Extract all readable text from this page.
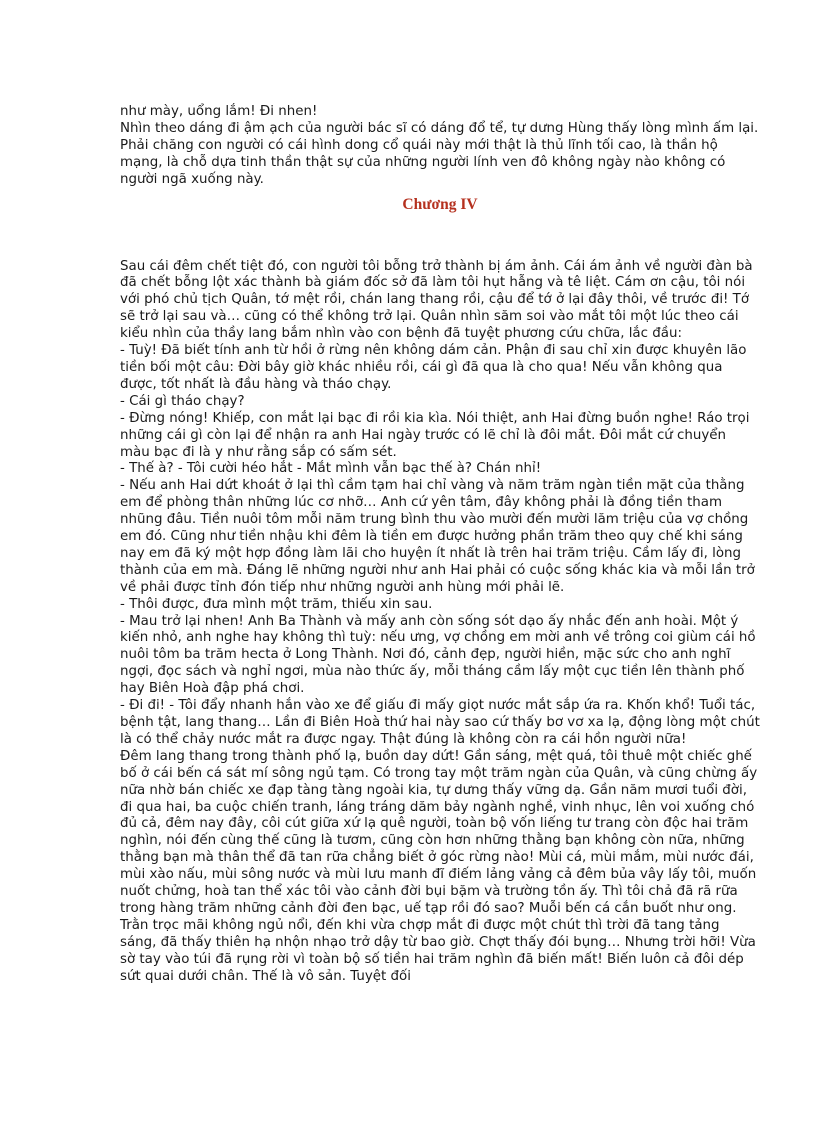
như mày, uổng lắm! Đi nhen!

Nhìn theo dáng đi ậm ạch của người bác sĩ có dáng đổ tể, tự dưng Hùng thấy lòng mình ấm lại. Phải chăng con người có cái hình dong cổ quái này mới thật là thủ lĩnh tối cao, là thần hộ mạng, là chỗ dựa tinh thần thật sự của những người lính ven đô không ngày nào không có người ngã xuống này.

Chương IV

Sau cái đêm chết tiệt đó, con người tôi bỗng trở thành bị ám ảnh. Cái ám ảnh về người đàn bà đã chết bỗng lột xác thành bà giám đốc sở đã làm tôi hụt hẫng và tê liệt. Cám ơn cậu, tôi nói với phó chủ tịch Quân, tớ mệt rồi, chán lang thang rồi, cậu để tớ ở lại đây thôi, về trước đi! Tớ sẽ trở lại sau và… cũng có thể không trở lại. Quân nhìn săm soi vào mắt tôi một lúc theo cái kiểu nhìn của thầy lang bắm nhìn vào con bệnh đã tuyệt phương cứu chữa, lắc đầu:

- Tuỳ! Đã biết tính anh từ hồi ở rừng nên không dám cản. Phận đi sau chỉ xin được khuyên lão tiền bối một câu: Đời bây giờ khác nhiều rồi, cái gì đã qua là cho qua! Nếu vẫn không qua được, tốt nhất là đầu hàng và tháo chạy.

- Cái gì tháo chạy?

- Đừng nóng! Khiếp, con mắt lại bạc đi rồi kia kìa. Nói thiệt, anh Hai đừng buồn nghe! Ráo trọi những cái gì còn lại để nhận ra anh Hai ngày trước có lẽ chỉ là đôi mắt. Đôi mắt cứ chuyển màu bạc đi là y như rằng sắp có sấm sét.

- Thế à? - Tôi cười héo hắt - Mắt mình vẫn bạc thế à? Chán nhỉ!

- Nếu anh Hai dứt khoát ở lại thì cầm tạm hai chỉ vàng và năm trăm ngàn tiền mặt của thằng em để phòng thân những lúc cơ nhỡ… Anh cứ yên tâm, đây không phải là đồng tiền tham nhũng đâu. Tiền nuôi tôm mỗi năm trung bình thu vào mười đến mười lăm triệu của vợ chồng em đó. Cũng như tiền nhậu khi đêm là tiền em được hưởng phần trăm theo quy chế khi sáng nay em đã ký một hợp đồng làm lãi cho huyện ít nhất là trên hai trăm triệu. Cầm lấy đi, lòng thành của em mà. Đáng lẽ những người như anh Hai phải có cuộc sống khác kia và mỗi lần trở về phải được tỉnh đón tiếp như những người anh hùng mới phải lẽ.

- Thôi được, đưa mình một trăm, thiếu xin sau.

- Mau trở lại nhen! Anh Ba Thành và mấy anh còn sống sót dạo ấy nhắc đến anh hoài. Một ý kiến nhỏ, anh nghe hay không thì tuỳ: nếu ưng, vợ chồng em mời anh về trông coi giùm cái hồ nuôi tôm ba trăm hecta ở Long Thành. Nơi đó, cảnh đẹp, người hiền, mặc sức cho anh nghĩ ngợi, đọc sách và nghỉ ngơi, mùa nào thức ấy, mỗi tháng cầm lấy một cục tiền lên thành phố hay Biên Hoà đập phá chơi.

- Đi đi! - Tôi đẩy nhanh hắn vào xe để giấu đi mấy giọt nước mắt sắp ứa ra. Khốn khổ! Tuổi tác, bệnh tật, lang thang… Lần đi Biên Hoà thứ hai này sao cứ thấy bơ vơ xa lạ, động lòng một chút là có thể chảy nước mắt ra được ngay. Thật đúng là không còn ra cái hồn người nữa!

Đêm lang thang trong thành phố lạ, buồn day dứt! Gần sáng, mệt quá, tôi thuê một chiếc ghế bố ở cái bến cá sát mí sông ngủ tạm. Có trong tay một trăm ngàn của Quân, và cũng chừng ấy nữa nhờ bán chiếc xe đạp tàng tàng ngoài kia, tự dưng thấy vững dạ. Gần năm mươi tuổi đời, đi qua hai, ba cuộc chiến tranh, láng tráng dăm bảy ngành nghề, vinh nhục, lên voi xuống chó đủ cả, đêm nay đây, côi cút giữa xứ lạ quê người, toàn bộ vốn liếng tư trang còn độc hai trăm nghìn, nói đến cùng thế cũng là tươm, cũng còn hơn những thằng bạn không còn nữa, những thằng bạn mà thân thể đã tan rữa chẳng biết ở góc rừng nào! Mùi cá, mùi mắm, mùi nước đái, mùi xào nấu, mùi sông nước và mùi lưu manh đĩ điếm lảng vảng cả đêm bủa vây lấy tôi, muốn nuốt chửng, hoà tan thể xác tôi vào cảnh đời bụi bặm và trường tồn ấy. Thì tôi chả đã rã rữa trong hàng trăm những cảnh đời đen bạc, uế tạp rồi đó sao? Muỗi bến cá cắn buốt như ong. Trằn trọc mãi không ngủ nổi, đến khi vừa chợp mắt đi được một chút thì trời đã tang tảng sáng, đã thấy thiên hạ nhộn nhạo trở dậy từ bao giờ. Chợt thấy đói bụng… Nhưng trời hỡi! Vừa sờ tay vào túi đã rụng rời vì toàn bộ số tiền hai trăm nghìn đã biến mất! Biến luôn cả đôi dép sứt quai dưới chân. Thế là vô sản. Tuyệt đối
